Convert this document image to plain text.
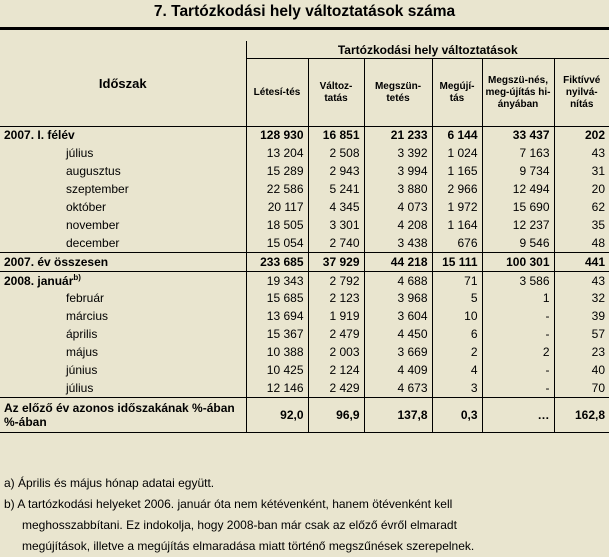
7. Tartózkodási hely változtatások száma
Időszak	Tartózkodási hely változtatások					
	Létesí-tés	Változ-tatás	Megszün-tetés	Megújí-tás	Megszü-nés, meg-újítás hi-ányában	Fiktívvé nyilvá-nítás
2007. I. félév	128 930	16 851	21 233	6 144	33 437	202
július	13 204	2 508	3 392	1 024	7 163	43
augusztus	15 289	2 943	3 994	1 165	9 734	31
szeptember	22 586	5 241	3 880	2 966	12 494	20
október	20 117	4 345	4 073	1 972	15 690	62
november	18 505	3 301	4 208	1 164	12 237	35
december	15 054	2 740	3 438	676	9 546	48
2007. év összesen	233 685	37 929	44 218	15 111	100 301	441
2008. január$^{b)}$	19 343	2 792	4 688	71	3 586	43
február	15 685	2 123	3 968	5	1	32
március	13 694	1 919	3 604	10	-	39
április	15 367	2 479	4 450	6	-	57
május	10 388	2 003	3 669	2	2	23
június	10 425	2 124	4 409	4	-	40
július	12 146	2 429	4 673	3	-	70
Az előző év azonos időszakának %-ában %-ában	92,0	96,9	137,8	0,3	…	162,8
a) Április és május hónap adatai együtt.
b) A tartózkodási helyeket 2006. január óta nem kétévenként, hanem ötévenként kell
meghosszabbítani. Ez indokolja, hogy 2008-ban már csak az előző évről elmaradt
megújítások, illetve a megújítás elmaradása miatt történő megszűnések szerepelnek.
